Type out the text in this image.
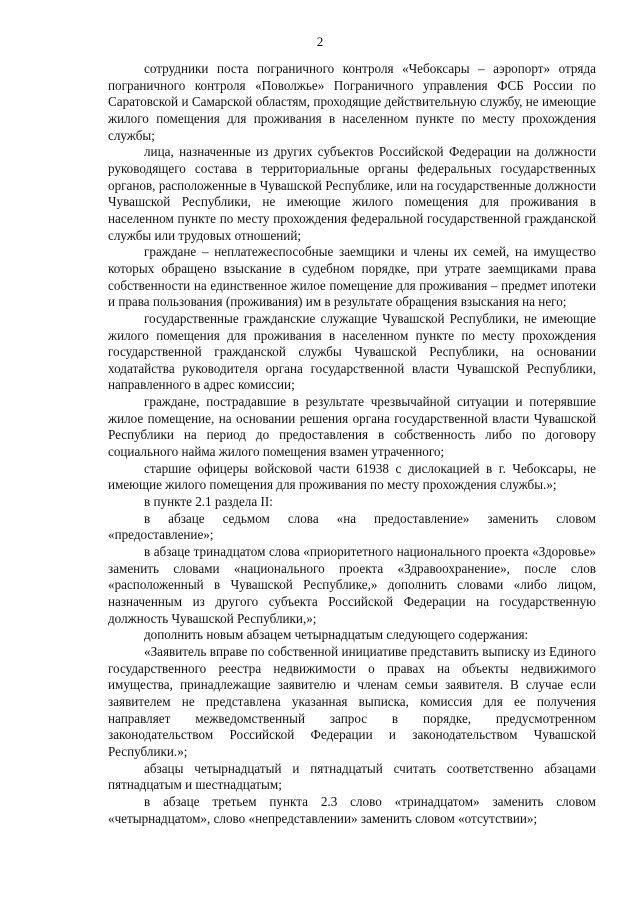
2

сотрудники поста пограничного контроля «Чебоксары – аэропорт» отряда пограничного контроля «Поволжье» Пограничного управления ФСБ России по Саратовской и Самарской областям, проходящие действительную службу, не имеющие жилого помещения для проживания в населенном пункте по месту прохождения службы;

лица, назначенные из других субъектов Российской Федерации на должности руководящего состава в территориальные органы федеральных государственных органов, расположенные в Чувашской Республике, или на государственные должности Чувашской Республики, не имеющие жилого помещения для проживания в населенном пункте по месту прохождения федеральной государственной гражданской службы или трудовых отношений;

граждане – неплатежеспособные заемщики и члены их семей, на имущество которых обращено взыскание в судебном порядке, при утрате заемщиками права собственности на единственное жилое помещение для проживания – предмет ипотеки и права пользования (проживания) им в результате обращения взыскания на него;

государственные гражданские служащие Чувашской Республики, не имеющие жилого помещения для проживания в населенном пункте по месту прохождения государственной гражданской службы Чувашской Республики, на основании ходатайства руководителя органа государственной власти Чувашской Республики, направленного в адрес комиссии;

граждане, пострадавшие в результате чрезвычайной ситуации и потерявшие жилое помещение, на основании решения органа государственной власти Чувашской Республики на период до предоставления в собственность либо по договору социального найма жилого помещения взамен утраченного;

старшие офицеры войсковой части 61938 с дислокацией в г. Чебоксары, не имеющие жилого помещения для проживания по месту прохождения службы.»;

в пункте 2.1 раздела II:

в абзаце седьмом слова «на предоставление» заменить словом «предоставление»;

в абзаце тринадцатом слова «приоритетного национального проекта «Здоровье» заменить словами «национального проекта «Здравоохранение», после слов «расположенный в Чувашской Республике,» дополнить словами «либо лицом, назначенным из другого субъекта Российской Федерации на государственную должность Чувашской Республики,»;

дополнить новым абзацем четырнадцатым следующего содержания:

«Заявитель вправе по собственной инициативе представить выписку из Единого государственного реестра недвижимости о правах на объекты недвижимого имущества, принадлежащие заявителю и членам семьи заявителя. В случае если заявителем не представлена указанная выписка, комиссия для ее получения направляет межведомственный запрос в порядке, предусмотренном законодательством Российской Федерации и законодательством Чувашской Республики.»;

абзацы четырнадцатый и пятнадцатый считать соответственно абзацами пятнадцатым и шестнадцатым;

в абзаце третьем пункта 2.3 слово «тринадцатом» заменить словом «четырнадцатом», слово «непредставлении» заменить словом «отсутствии»;
